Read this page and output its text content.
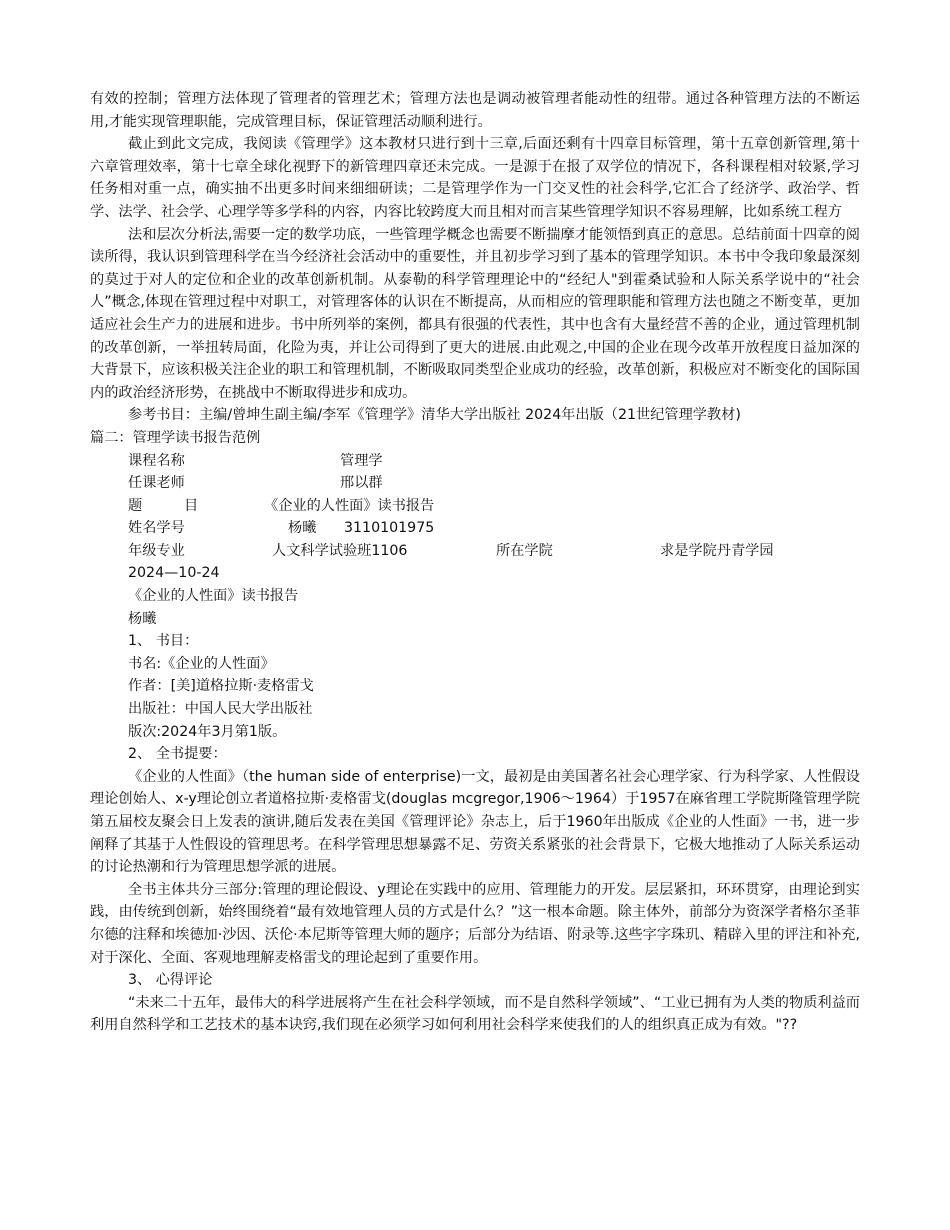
有效的控制；管理方法体现了管理者的管理艺术；管理方法也是调动被管理者能动性的纽带。通过各种管理方法的不断运用,才能实现管理职能，完成管理目标，保证管理活动顺利进行。

截止到此文完成，我阅读《管理学》这本教材只进行到十三章,后面还剩有十四章目标管理，第十五章创新管理,第十六章管理效率，第十七章全球化视野下的新管理四章还未完成。一是源于在报了双学位的情况下，各科课程相对较紧,学习任务相对重一点，确实抽不出更多时间来细细研读；二是管理学作为一门交叉性的社会科学,它汇合了经济学、政治学、哲学、法学、社会学、心理学等多学科的内容，内容比较跨度大而且相对而言某些管理学知识不容易理解，比如系统工程方

法和层次分析法,需要一定的数学功底，一些管理学概念也需要不断揣摩才能领悟到真正的意思。总结前面十四章的阅读所得，我认识到管理科学在当今经济社会活动中的重要性，并且初步学习到了基本的管理学知识。本书中令我印象最深刻的莫过于对人的定位和企业的改革创新机制。从泰勒的科学管理理论中的“经纪人"到霍桑试验和人际关系学说中的“社会人”概念,体现在管理过程中对职工，对管理客体的认识在不断提高，从而相应的管理职能和管理方法也随之不断变革，更加适应社会生产力的进展和进步。书中所列举的案例，都具有很强的代表性，其中也含有大量经营不善的企业，通过管理机制的改革创新，一举扭转局面，化险为夷，并让公司得到了更大的进展.由此观之,中国的企业在现今改革开放程度日益加深的大背景下，应该积极关注企业的职工和管理机制，不断吸取同类型企业成功的经验，改革创新，积极应对不断变化的国际国内的政治经济形势，在挑战中不断取得进步和成功。

参考书目：主编/曾坤生副主编/李军《管理学》清华大学出版社 2024年出版（21世纪管理学教材)

篇二：管理学读书报告范例

课程名称	管理学
任课老师	邢以群
题	目	《企业的人性面》读书报告
姓名学号	杨曦	3110101975
年级专业	人文科学试验班1106	所在学院	求是学院丹青学园

2024—10-24

《企业的人性面》读书报告

杨曦

1、 书目：

书名:《企业的人性面》

作者：[美]道格拉斯·麦格雷戈

出版社：中国人民大学出版社

版次:2024年3月第1版。

2、 全书提要：

《企业的人性面》（the human side of enterprise)一文，最初是由美国著名社会心理学家、行为科学家、人性假设理论创始人、x-y理论创立者道格拉斯·麦格雷戈(douglas mcgregor,1906～1964）于1957在麻省理工学院斯隆管理学院第五届校友聚会日上发表的演讲,随后发表在美国《管理评论》杂志上，后于1960年出版成《企业的人性面》一书，进一步阐释了其基于人性假设的管理思考。在科学管理思想暴露不足、劳资关系紧张的社会背景下，它极大地推动了人际关系运动的讨论热潮和行为管理思想学派的进展。

全书主体共分三部分:管理的理论假设、y理论在实践中的应用、管理能力的开发。层层紧扣，环环贯穿，由理论到实践，由传统到创新，始终围绕着“最有效地管理人员的方式是什么？”这一根本命题。除主体外，前部分为资深学者格尔圣菲尔德的注释和埃德加·沙因、沃伦·本尼斯等管理大师的题序；后部分为结语、附录等.这些字字珠玑、精辟入里的评注和补充,对于深化、全面、客观地理解麦格雷戈的理论起到了重要作用。

3、 心得评论

“未来二十五年，最伟大的科学进展将产生在社会科学领域，而不是自然科学领域”、“工业已拥有为人类的物质利益而利用自然科学和工艺技术的基本诀窍,我们现在必须学习如何利用社会科学来使我们的人的组织真正成为有效。"??
